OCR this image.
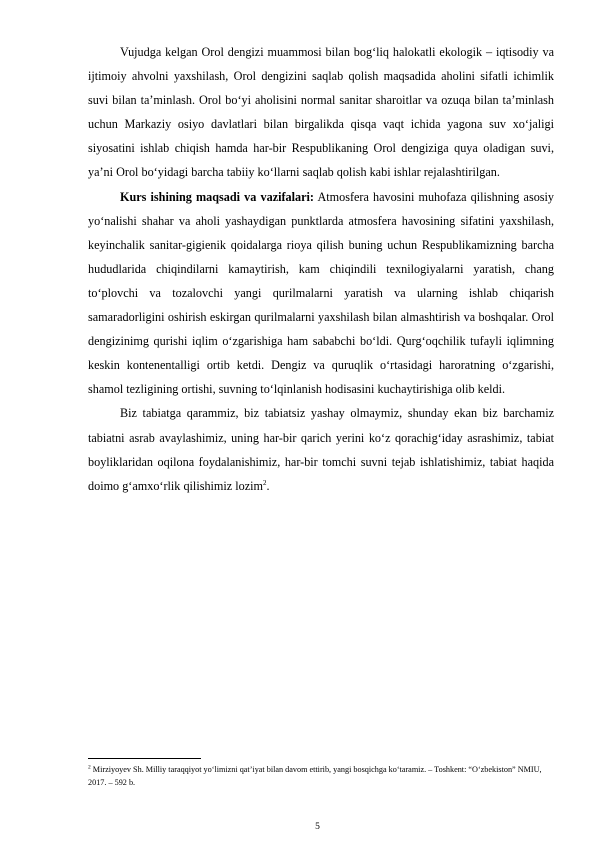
Vujudga kelgan Orol dengizi muammosi bilan bog‘liq halokatli ekologik – iqtisodiy va ijtimoiy ahvolni yaxshilash, Orol dengizini saqlab qolish maqsadida aholini sifatli ichimlik suvi bilan ta’minlash. Orol bo‘yi aholisini normal sanitar sharoitlar va ozuqa bilan ta’minlash uchun Markaziy osiyo davlatlari bilan birgalikda qisqa vaqt ichida yagona suv xo‘jaligi siyosatini ishlab chiqish hamda har-bir Respublikaning Orol dengiziga quya oladigan suvi, ya’ni Orol bo‘yidagi barcha tabiiy ko‘llarni saqlab qolish kabi ishlar rejalashtirilgan.

Kurs ishining maqsadi va vazifalari: Atmosfera havosini muhofaza qilishning asosiy yo‘nalishi shahar va aholi yashaydigan punktlarda atmosfera havosining sifatini yaxshilash, keyinchalik sanitar-gigienik qoidalarga rioya qilish buning uchun Respublikamizning barcha hududlarida chiqindilarni kamaytirish, kam chiqindili texnilogiyalarni yaratish, chang to‘plovchi va tozalovchi yangi qurilmalarni yaratish va ularning ishlab chiqarish samaradorligini oshirish eskirgan qurilmalarni yaxshilash bilan almashtirish va boshqalar. Orol dengizinimg qurishi iqlim o‘zgarishiga ham sababchi bo‘ldi. Qurg‘oqchilik tufayli iqlimning keskin kontenentalligi ortib ketdi. Dengiz va quruqlik o‘rtasidagi haroratning o‘zgarishi, shamol tezligining ortishi, suvning to‘lqinlanish hodisasini kuchaytirishiga olib keldi.

Biz tabiatga qarammiz, biz tabiatsiz yashay olmaymiz, shunday ekan biz barchamiz tabiatni asrab avaylashimiz, uning har-bir qarich yerini ko‘z qorachig‘iday asrashimiz, tabiat boyliklaridan oqilona foydalanishimiz, har-bir tomchi suvni tejab ishlatishimiz, tabiat haqida doimo g‘amxo‘rlik qilishimiz lozim$^2$.

$^2$ Mirziyoyev Sh. Milliy taraqqiyot yo‘limizni qat’iyat bilan davom ettirib, yangi bosqichga ko‘taramiz. – Toshkent: “O‘zbekiston” NMIU, 2017. – 592 b.
5
